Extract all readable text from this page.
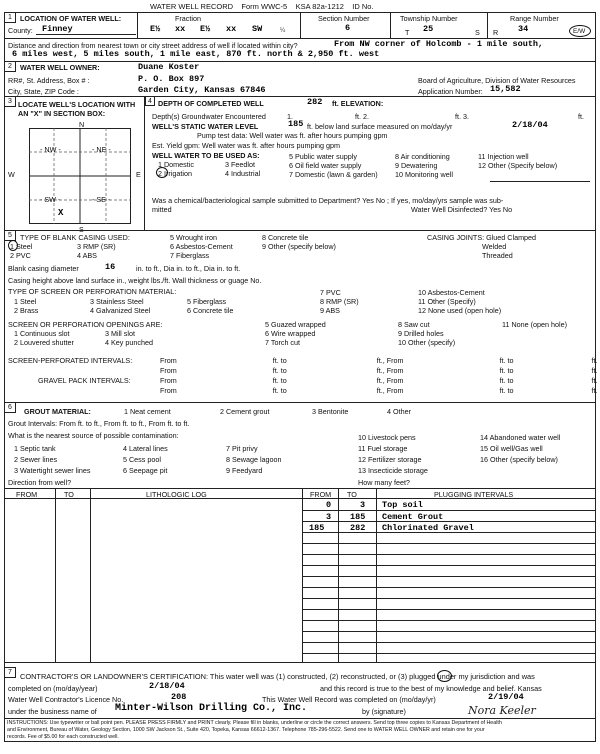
WATER WELL RECORD Form WWC-5 KSA 82a-1212 ID No.
1	LOCATION OF WATER WELL:
County: Finney
Fraction
E½ xx E½ xx SW	¼
Section Number
6
Township Number
T 25	S
Range Number
R 34	E/W
Distance and direction from nearest town or city street address of well if located within city?	From NW corner of Holcomb - 1 mile south,
6 miles west, 5 miles south, 1 mile east, 870 ft. north & 2,950 ft. west
2	WATER WELL OWNER:	Duane Koster
RR#, St. Address, Box # :	P. O. Box 897
City, State, ZIP Code :	Garden City, Kansas 67846
Board of Agriculture, Division of Water Resources
Application Number: 15,582
3 LOCATE WELL'S LOCATION WITH
AN "X" IN SECTION BOX:
N
W	E
- NW -	- NE -
- SW -	- SE -
X
4 DEPTH OF COMPLETED WELL	282 ft. ELEVATION:
Depth(s) Groundwater Encountered	1.	ft. 2.	ft. 3.	ft.
WELL'S STATIC WATER LEVEL	185 ft. below land surface measured on mo/day/yr	2/18/04
Pump test data: Well water was ft. after hours pumping gpm
Est. Yield gpm: Well water was ft. after hours pumping gpm
WELL WATER TO BE USED AS:
1 Domestic	3 Feedlot
5 Public water supply	8 Air conditioning	11 Injection well
2 Irrigation	4 Industrial
6 Oil field water supply	9 Dewatering	12 Other (Specify below)
7 Domestic (lawn & garden) 10 Monitoring well
Was a chemical/bacteriological sample submitted to Department? Yes No ; If yes, mo/day/yrs sample was sub-
mitted	Water Well Disinfected? Yes No
5	TYPE OF BLANK CASING USED:
1 Steel	3 RMP (SR)
5 Wrought iron	8 Concrete tile
2 PVC	4 ABS
6 Asbestos-Cement	9 Other (specify below)
7 Fiberglass
CASING JOINTS: Glued Clamped
Welded
Threaded
Blank casing diameter	16	in. to ft., Dia in. to ft., Dia in. to ft.
Casing height above land surface in., weight lbs./ft. Wall thickness or guage No.
TYPE OF SCREEN OR PERFORATION MATERIAL:
1 Steel	3 Stainless Steel	5 Fiberglass
7 PVC	10 Asbestos-Cement
2 Brass	4 Galvanized Steel	6 Concrete tile
8 RMP (SR)	11 Other (Specify)
9 ABS	12 None used (open hole)
SCREEN OR PERFORATION OPENINGS ARE:	5 Guazed wrapped	8 Saw cut	11 None (open hole)
1 Continuous slot	3 Mill slot	6 Wire wrapped	9 Drilled holes
2 Louvered shutter	4 Key punched	7 Torch cut	10 Other (specify)
SCREEN-PERFORATED INTERVALS:
GRAVEL PACK INTERVALS:
From	ft. to	ft., From	ft. to	ft.
From	ft. to	ft., From	ft. to	ft.
From	ft. to	ft., From	ft. to	ft.
From	ft. to	ft., From	ft. to	ft.
6	GROUT MATERIAL:	1 Neat cement	2 Cement grout	3 Bentonite	4 Other
Grout Intervals: From ft. to ft., From ft. to ft., From ft. to ft.
What is the nearest source of possible contamination:
1 Septic tank	4 Lateral lines	7 Pit privy
10 Livestock pens	14 Abandoned water well
2 Sewer lines	5 Cess pool	8 Sewage lagoon
11 Fuel storage	15 Oil well/Gas well
3 Watertight sewer lines	6 Seepage pit	9 Feedyard
12 Fertilizer storage	16 Other (specify below)
13 Insecticide storage
Direction from well?	How many feet?
FROM	TO	LITHOLOGIC LOG	FROM TO	PLUGGING INTERVALS
0	3 Top soil
3 185 Cement Grout
185	282 Chlorinated Gravel
7	CONTRACTOR'S OR LANDOWNER'S CERTIFICATION: This water well was (1) constructed, (2) reconstructed, or (3) plugged under my jurisdiction and was
completed on (mo/day/year)	2/18/04	and this record is true to the best of my knowledge and belief. Kansas
Water Well Contractor's Licence No.	208	This Water Well Record was completed on (mo/day/yr)	2/19/04
under the business name of Minter-Wilson Drilling Co., Inc.	by (signature)	Nora Keeler
INSTRUCTIONS: Use typewriter or ball point pen. PLEASE PRESS FIRMLY and PRINT clearly. Please fill in blanks, underline or circle the correct answers. Send top three copies to Kansas Department of Health
and Environment, Bureau of Water, Geology Section, 1000 SW Jackson St., Suite 420, Topeka, Kansas 66612-1367. Telephone 785-296-5522. Send one to WATER WELL OWNER and retain one for your
records. Fee of $5.00 for each constructed well.
